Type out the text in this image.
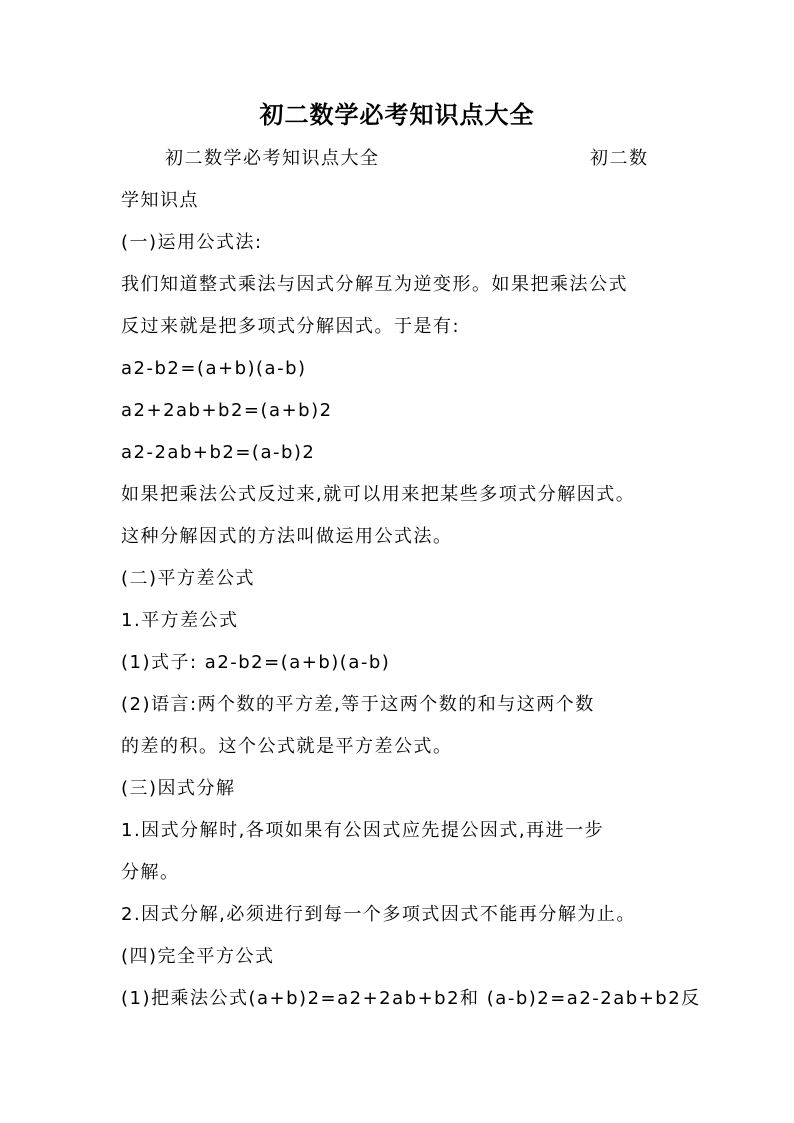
初二数学必考知识点大全
初二数学必考知识点大全	初二数
学知识点
(一)运用公式法:
我们知道整式乘法与因式分解互为逆变形。如果把乘法公式
反过来就是把多项式分解因式。于是有:
a2-b2=(a+b)(a-b)
a2+2ab+b2=(a+b)2
a2-2ab+b2=(a-b)2
如果把乘法公式反过来,就可以用来把某些多项式分解因式。
这种分解因式的方法叫做运用公式法。
(二)平方差公式
1.平方差公式
(1)式子: a2-b2=(a+b)(a-b)
(2)语言:两个数的平方差,等于这两个数的和与这两个数
的差的积。这个公式就是平方差公式。
(三)因式分解
1.因式分解时,各项如果有公因式应先提公因式,再进一步
分解。
2.因式分解,必须进行到每一个多项式因式不能再分解为止。
(四)完全平方公式
(1)把乘法公式(a+b)2=a2+2ab+b2和 (a-b)2=a2-2ab+b2反
